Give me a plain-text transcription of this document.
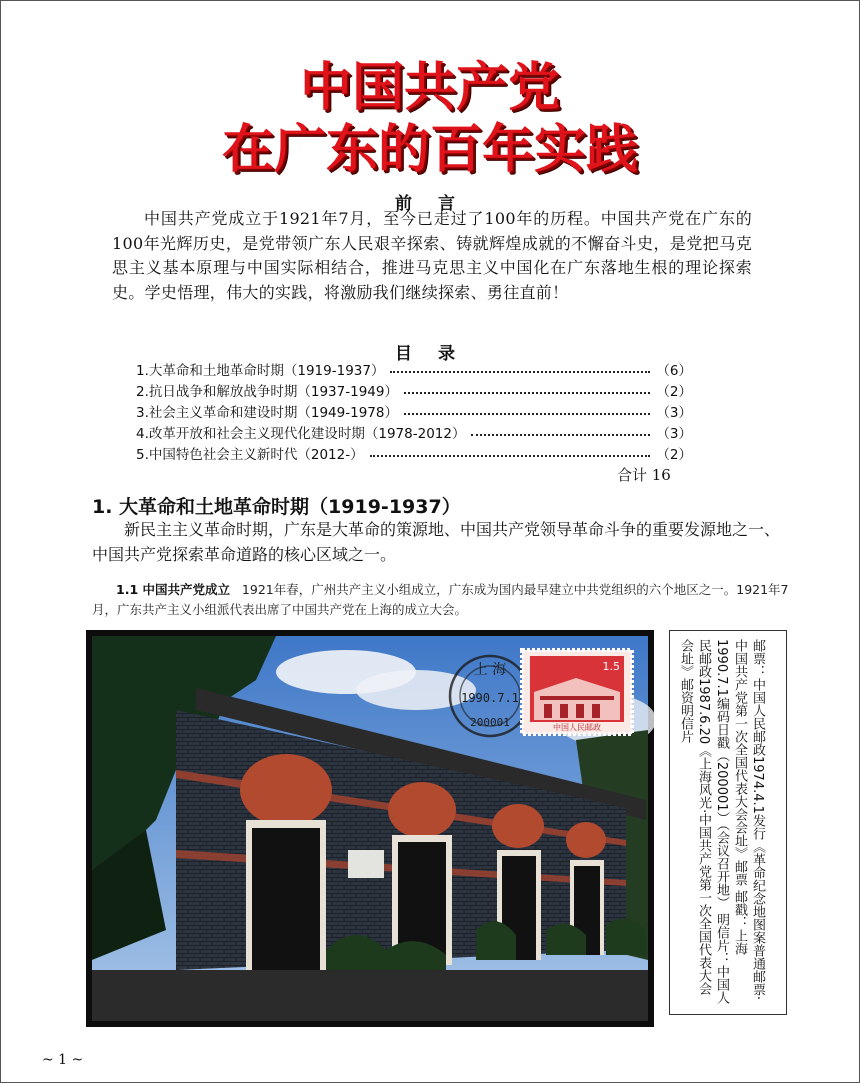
中国共产党
在广东的百年实践
前 言
中国共产党成立于1921年7月，至今已走过了100年的历程。中国共产党在广东的100年光辉历史，是党带领广东人民艰辛探索、铸就辉煌成就的不懈奋斗史，是党把马克思主义基本原理与中国实际相结合，推进马克思主义中国化在广东落地生根的理论探索史。学史悟理，伟大的实践，将激励我们继续探索、勇往直前！
目 录
1.大革命和土地革命时期（1919-1937）	（6）
2.抗日战争和解放战争时期（1937-1949）	（2）
3.社会主义革命和建设时期（1949-1978）	（3）
4.改革开放和社会主义现代化建设时期（1978-2012）	（3）
5.中国特色社会主义新时代（2012-）	（2）
合计 16
1. 大革命和土地革命时期（1919-1937）
新民主主义革命时期，广东是大革命的策源地、中国共产党领导革命斗争的重要发源地之一、中国共产党探索革命道路的核心区域之一。
1.1 中国共产党成立 1921年春，广州共产主义小组成立，广东成为国内最早建立中共党组织的六个地区之一。1921年7月，广东共产主义小组派代表出席了中国共产党在上海的成立大会。
上 海
1990.7.1
200001
1.5
中国人民邮政	邮票：中国人民邮政1974.4.1发行《革命纪念地图案普通邮票·中国共产党第一次全国代表大会会址》邮票 邮戳：上海1990.7.1编码日戳（200001）（会议召开地） 明信片：中国人民邮政1987.6.20《上海风光·中国共产党第一次全国代表大会会址》邮资明信片
~ 1 ~
